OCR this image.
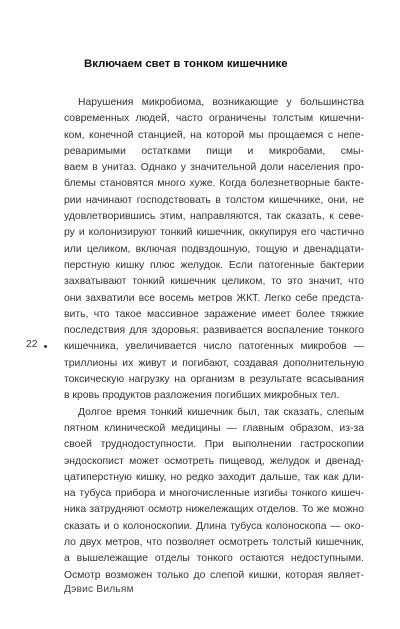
Включаем свет в тонком кишечнике
Нарушения микробиома, возникающие у большинства
современных людей, часто ограничены толстым кишечни-
ком, конечной станцией, на которой мы прощаемся с непе-
реваримыми остатками пищи и микробами, смы-
ваем в унитаз. Однако у значительной доли населения про-
блемы становятся много хуже. Когда болезнетворные бакте-
рии начинают господствовать в толстом кишечнике, они, не
удовлетворившись этим, направляются, так сказать, к севе-
ру и колонизируют тонкий кишечник, оккупируя его частично
или целиком, включая подвздошную, тощую и двенадцати-
перстную кишку плюс желудок. Если патогенные бактерии
захватывают тонкий кишечник целиком, то это значит, что
они захватили все восемь метров ЖКТ. Легко себе предста-
вить, что такое массивное заражение имеет более тяжкие
последствия для здоровья: развивается воспаление тонкого
кишечника, увеличивается число патогенных микробов —
триллионы их живут и погибают, создавая дополнительную
токсическую нагрузку на организм в результате всасывания
в кровь продуктов разложения погибших микробных тел.
Долгое время тонкий кишечник был, так сказать, слепым
пятном клинической медицины — главным образом, из-за
своей труднодоступности. При выполнении гастроскопии
эндоскопист может осмотреть пищевод, желудок и двенад-
цатиперстную кишку, но редко заходит дальше, так как дли-
на тубуса прибора и многочисленные изгибы тонкого кишеч-
ника затрудняют осмотр нижележащих отделов. То же можно
сказать и о колоноскопии. Длина тубуса колоноскопа — око-
ло двух метров, что позволяет осмотреть толстый кишечник,
а вышележащие отделы тонкого остаются недоступными.
Осмотр возможен только до слепой кишки, которая являет-
22
Дэвис Вильям
